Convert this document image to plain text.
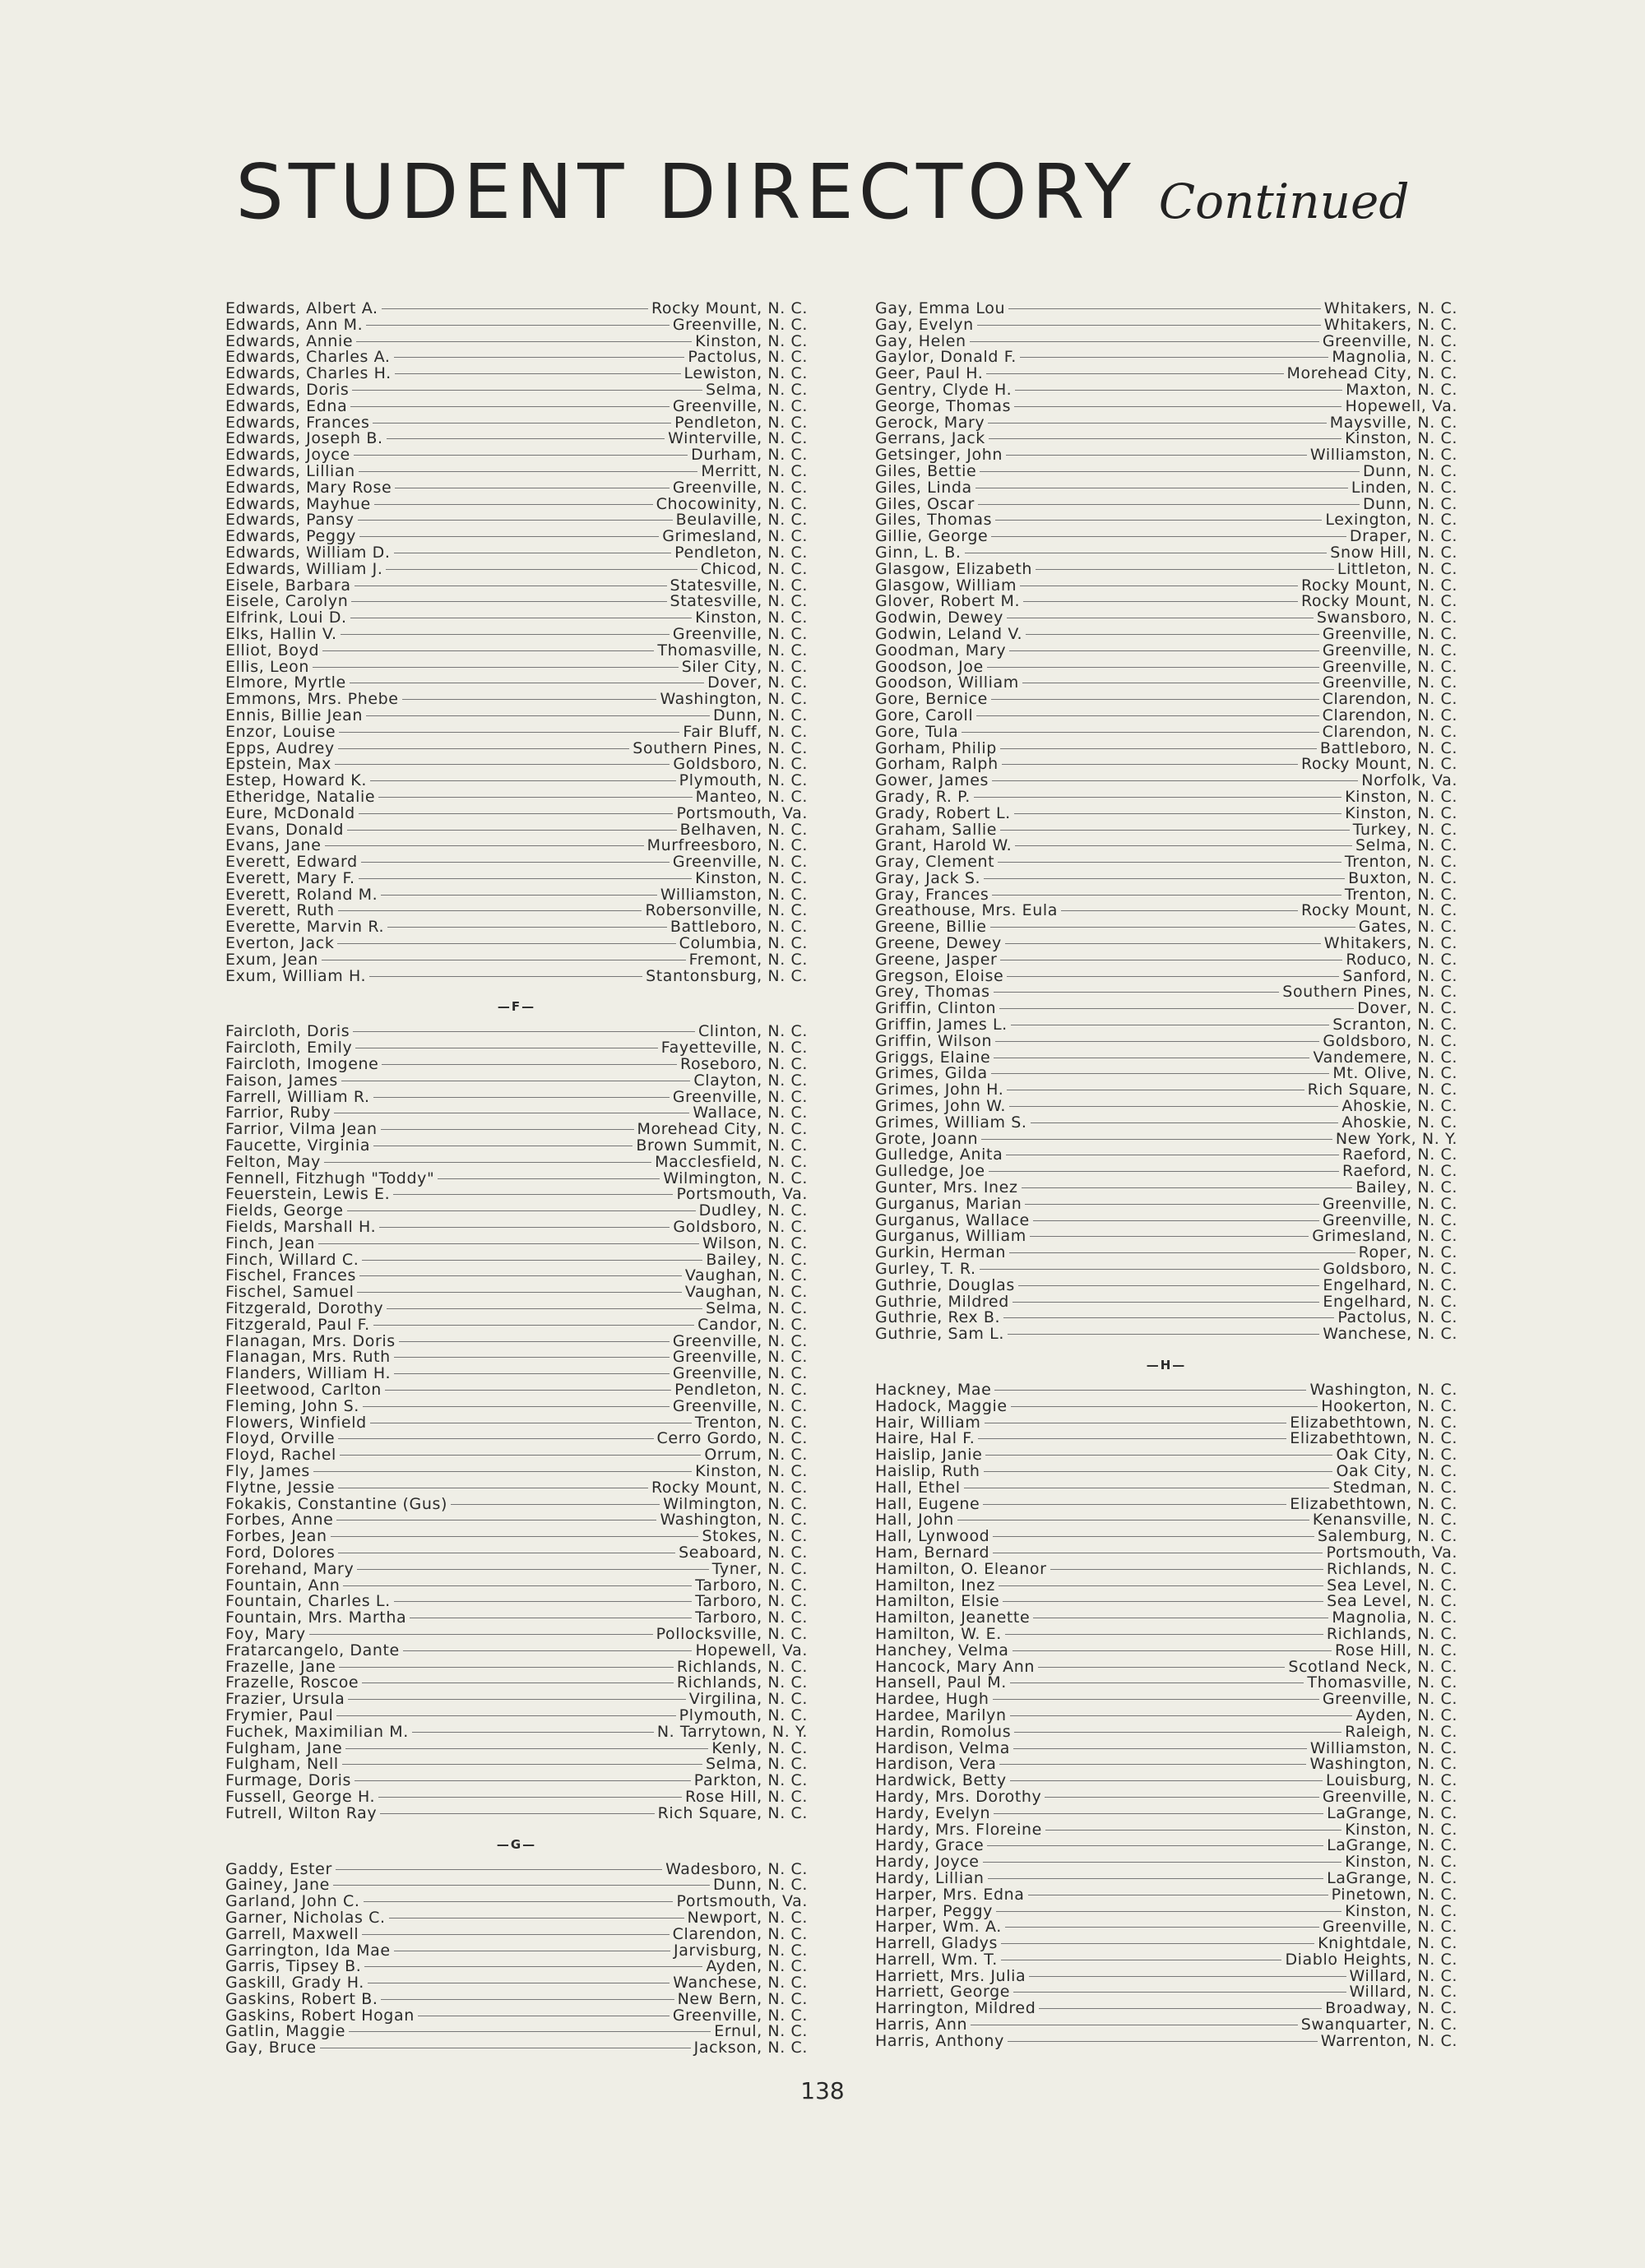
STUDENT DIRECTORY Continued
Edwards, Albert A.	Rocky Mount, N. C.
Edwards, Ann M.	Greenville, N. C.
Edwards, Annie	Kinston, N. C.
Edwards, Charles A.	Pactolus, N. C.
Edwards, Charles H.	Lewiston, N. C.
Edwards, Doris	Selma, N. C.
Edwards, Edna	Greenville, N. C.
Edwards, Frances	Pendleton, N. C.
Edwards, Joseph B.	Winterville, N. C.
Edwards, Joyce	Durham, N. C.
Edwards, Lillian	Merritt, N. C.
Edwards, Mary Rose	Greenville, N. C.
Edwards, Mayhue	Chocowinity, N. C.
Edwards, Pansy	Beulaville, N. C.
Edwards, Peggy	Grimesland, N. C.
Edwards, William D.	Pendleton, N. C.
Edwards, William J.	Chicod, N. C.
Eisele, Barbara	Statesville, N. C.
Eisele, Carolyn	Statesville, N. C.
Elfrink, Loui D.	Kinston, N. C.
Elks, Hallin V.	Greenville, N. C.
Elliot, Boyd	Thomasville, N. C.
Ellis, Leon	Siler City, N. C.
Elmore, Myrtle	Dover, N. C.
Emmons, Mrs. Phebe	Washington, N. C.
Ennis, Billie Jean	Dunn, N. C.
Enzor, Louise	Fair Bluff, N. C.
Epps, Audrey	Southern Pines, N. C.
Epstein, Max	Goldsboro, N. C.
Estep, Howard K.	Plymouth, N. C.
Etheridge, Natalie	Manteo, N. C.
Eure, McDonald	Portsmouth, Va.
Evans, Donald	Belhaven, N. C.
Evans, Jane	Murfreesboro, N. C.
Everett, Edward	Greenville, N. C.
Everett, Mary F.	Kinston, N. C.
Everett, Roland M.	Williamston, N. C.
Everett, Ruth	Robersonville, N. C.
Everette, Marvin R.	Battleboro, N. C.
Everton, Jack	Columbia, N. C.
Exum, Jean	Fremont, N. C.
Exum, William H.	Stantonsburg, N. C.
—F—
Faircloth, Doris	Clinton, N. C.
Faircloth, Emily	Fayetteville, N. C.
Faircloth, Imogene	Roseboro, N. C.
Faison, James	Clayton, N. C.
Farrell, William R.	Greenville, N. C.
Farrior, Ruby	Wallace, N. C.
Farrior, Vilma Jean	Morehead City, N. C.
Faucette, Virginia	Brown Summit, N. C.
Felton, May	Macclesfield, N. C.
Fennell, Fitzhugh "Toddy"	Wilmington, N. C.
Feuerstein, Lewis E.	Portsmouth, Va.
Fields, George	Dudley, N. C.
Fields, Marshall H.	Goldsboro, N. C.
Finch, Jean	Wilson, N. C.
Finch, Willard C.	Bailey, N. C.
Fischel, Frances	Vaughan, N. C.
Fischel, Samuel	Vaughan, N. C.
Fitzgerald, Dorothy	Selma, N. C.
Fitzgerald, Paul F.	Candor, N. C.
Flanagan, Mrs. Doris	Greenville, N. C.
Flanagan, Mrs. Ruth	Greenville, N. C.
Flanders, William H.	Greenville, N. C.
Fleetwood, Carlton	Pendleton, N. C.
Fleming, John S.	Greenville, N. C.
Flowers, Winfield	Trenton, N. C.
Floyd, Orville	Cerro Gordo, N. C.
Floyd, Rachel	Orrum, N. C.
Fly, James	Kinston, N. C.
Flytne, Jessie	Rocky Mount, N. C.
Fokakis, Constantine (Gus)	Wilmington, N. C.
Forbes, Anne	Washington, N. C.
Forbes, Jean	Stokes, N. C.
Ford, Dolores	Seaboard, N. C.
Forehand, Mary	Tyner, N. C.
Fountain, Ann	Tarboro, N. C.
Fountain, Charles L.	Tarboro, N. C.
Fountain, Mrs. Martha	Tarboro, N. C.
Foy, Mary	Pollocksville, N. C.
Fratarcangelo, Dante	Hopewell, Va.
Frazelle, Jane	Richlands, N. C.
Frazelle, Roscoe	Richlands, N. C.
Frazier, Ursula	Virgilina, N. C.
Frymier, Paul	Plymouth, N. C.
Fuchek, Maximilian M.	N. Tarrytown, N. Y.
Fulgham, Jane	Kenly, N. C.
Fulgham, Nell	Selma, N. C.
Furmage, Doris	Parkton, N. C.
Fussell, George H.	Rose Hill, N. C.
Futrell, Wilton Ray	Rich Square, N. C.
—G—
Gaddy, Ester	Wadesboro, N. C.
Gainey, Jane	Dunn, N. C.
Garland, John C.	Portsmouth, Va.
Garner, Nicholas C.	Newport, N. C.
Garrell, Maxwell	Clarendon, N. C.
Garrington, Ida Mae	Jarvisburg, N. C.
Garris, Tipsey B.	Ayden, N. C.
Gaskill, Grady H.	Wanchese, N. C.
Gaskins, Robert B.	New Bern, N. C.
Gaskins, Robert Hogan	Greenville, N. C.
Gatlin, Maggie	Ernul, N. C.
Gay, Bruce	Jackson, N. C.
Gay, Emma Lou	Whitakers, N. C.
Gay, Evelyn	Whitakers, N. C.
Gay, Helen	Greenville, N. C.
Gaylor, Donald F.	Magnolia, N. C.
Geer, Paul H.	Morehead City, N. C.
Gentry, Clyde H.	Maxton, N. C.
George, Thomas	Hopewell, Va.
Gerock, Mary	Maysville, N. C.
Gerrans, Jack	Kinston, N. C.
Getsinger, John	Williamston, N. C.
Giles, Bettie	Dunn, N. C.
Giles, Linda	Linden, N. C.
Giles, Oscar	Dunn, N. C.
Giles, Thomas	Lexington, N. C.
Gillie, George	Draper, N. C.
Ginn, L. B.	Snow Hill, N. C.
Glasgow, Elizabeth	Littleton, N. C.
Glasgow, William	Rocky Mount, N. C.
Glover, Robert M.	Rocky Mount, N. C.
Godwin, Dewey	Swansboro, N. C.
Godwin, Leland V.	Greenville, N. C.
Goodman, Mary	Greenville, N. C.
Goodson, Joe	Greenville, N. C.
Goodson, William	Greenville, N. C.
Gore, Bernice	Clarendon, N. C.
Gore, Caroll	Clarendon, N. C.
Gore, Tula	Clarendon, N. C.
Gorham, Philip	Battleboro, N. C.
Gorham, Ralph	Rocky Mount, N. C.
Gower, James	Norfolk, Va.
Grady, R. P.	Kinston, N. C.
Grady, Robert L.	Kinston, N. C.
Graham, Sallie	Turkey, N. C.
Grant, Harold W.	Selma, N. C.
Gray, Clement	Trenton, N. C.
Gray, Jack S.	Buxton, N. C.
Gray, Frances	Trenton, N. C.
Greathouse, Mrs. Eula	Rocky Mount, N. C.
Greene, Billie	Gates, N. C.
Greene, Dewey	Whitakers, N. C.
Greene, Jasper	Roduco, N. C.
Gregson, Eloise	Sanford, N. C.
Grey, Thomas	Southern Pines, N. C.
Griffin, Clinton	Dover, N. C.
Griffin, James L.	Scranton, N. C.
Griffin, Wilson	Goldsboro, N. C.
Griggs, Elaine	Vandemere, N. C.
Grimes, Gilda	Mt. Olive, N. C.
Grimes, John H.	Rich Square, N. C.
Grimes, John W.	Ahoskie, N. C.
Grimes, William S.	Ahoskie, N. C.
Grote, Joann	New York, N. Y.
Gulledge, Anita	Raeford, N. C.
Gulledge, Joe	Raeford, N. C.
Gunter, Mrs. Inez	Bailey, N. C.
Gurganus, Marian	Greenville, N. C.
Gurganus, Wallace	Greenville, N. C.
Gurganus, William	Grimesland, N. C.
Gurkin, Herman	Roper, N. C.
Gurley, T. R.	Goldsboro, N. C.
Guthrie, Douglas	Engelhard, N. C.
Guthrie, Mildred	Engelhard, N. C.
Guthrie, Rex B.	Pactolus, N. C.
Guthrie, Sam L.	Wanchese, N. C.
—H—
Hackney, Mae	Washington, N. C.
Hadock, Maggie	Hookerton, N. C.
Hair, William	Elizabethtown, N. C.
Haire, Hal F.	Elizabethtown, N. C.
Haislip, Janie	Oak City, N. C.
Haislip, Ruth	Oak City, N. C.
Hall, Ethel	Stedman, N. C.
Hall, Eugene	Elizabethtown, N. C.
Hall, John	Kenansville, N. C.
Hall, Lynwood	Salemburg, N. C.
Ham, Bernard	Portsmouth, Va.
Hamilton, O. Eleanor	Richlands, N. C.
Hamilton, Inez	Sea Level, N. C.
Hamilton, Elsie	Sea Level, N. C.
Hamilton, Jeanette	Magnolia, N. C.
Hamilton, W. E.	Richlands, N. C.
Hanchey, Velma	Rose Hill, N. C.
Hancock, Mary Ann	Scotland Neck, N. C.
Hansell, Paul M.	Thomasville, N. C.
Hardee, Hugh	Greenville, N. C.
Hardee, Marilyn	Ayden, N. C.
Hardin, Romolus	Raleigh, N. C.
Hardison, Velma	Williamston, N. C.
Hardison, Vera	Washington, N. C.
Hardwick, Betty	Louisburg, N. C.
Hardy, Mrs. Dorothy	Greenville, N. C.
Hardy, Evelyn	LaGrange, N. C.
Hardy, Mrs. Floreine	Kinston, N. C.
Hardy, Grace	LaGrange, N. C.
Hardy, Joyce	Kinston, N. C.
Hardy, Lillian	LaGrange, N. C.
Harper, Mrs. Edna	Pinetown, N. C.
Harper, Peggy	Kinston, N. C.
Harper, Wm. A.	Greenville, N. C.
Harrell, Gladys	Knightdale, N. C.
Harrell, Wm. T.	Diablo Heights, N. C.
Harriett, Mrs. Julia	Willard, N. C.
Harriett, George	Willard, N. C.
Harrington, Mildred	Broadway, N. C.
Harris, Ann	Swanquarter, N. C.
Harris, Anthony	Warrenton, N. C.
138
